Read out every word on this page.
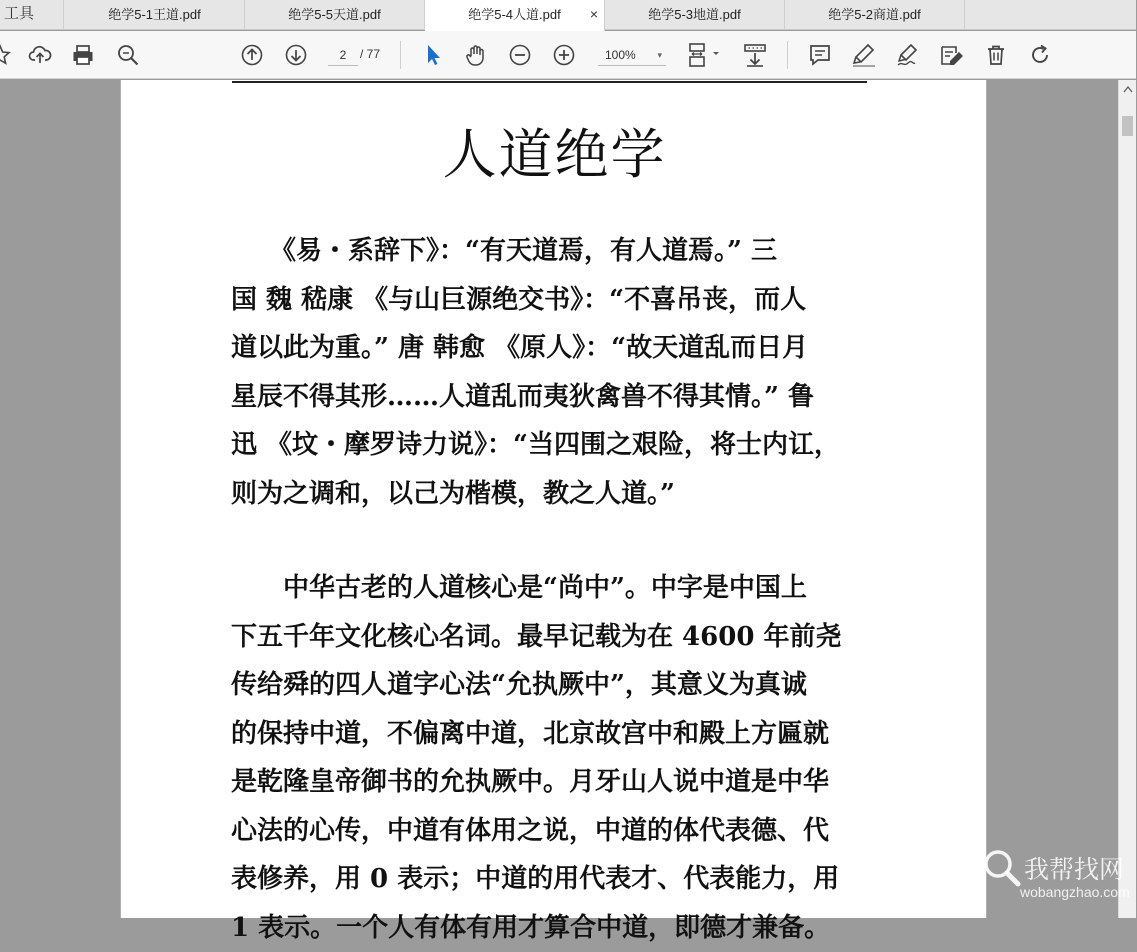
工具	绝学5-1王道.pdf	绝学5-5天道.pdf	绝学5-4人道.pdf ×	绝学5-3地道.pdf	绝学5-2商道.pdf
2
/ 77	100% ▾
人道绝学
　　《易・系辞下》：“有天道焉，有人道焉。” 三
国 魏 嵇康 《与山巨源绝交书》：“不喜吊丧，而人
道以此为重。” 唐 韩愈 《原人》：“故天道乱而日月
星辰不得其形……人道乱而夷狄禽兽不得其情。” 鲁
迅 《坟・摩罗诗力说》：“当四围之艰险，将士内讧，
则为之调和，以己为楷模，教之人道。”
　　中华古老的人道核心是“尚中”。中字是中国上
下五千年文化核心名词。最早记载为在 4600 年前尧
传给舜的四人道字心法“允执厥中”，其意义为真诚
的保持中道，不偏离中道，北京故宫中和殿上方匾就
是乾隆皇帝御书的允执厥中。月牙山人说中道是中华
心法的心传，中道有体用之说，中道的体代表德、代
表修养，用 0 表示；中道的用代表才、代表能力，用
1 表示。一个人有体有用才算合中道，即德才兼备。
我帮找网
wobangzhao.com
